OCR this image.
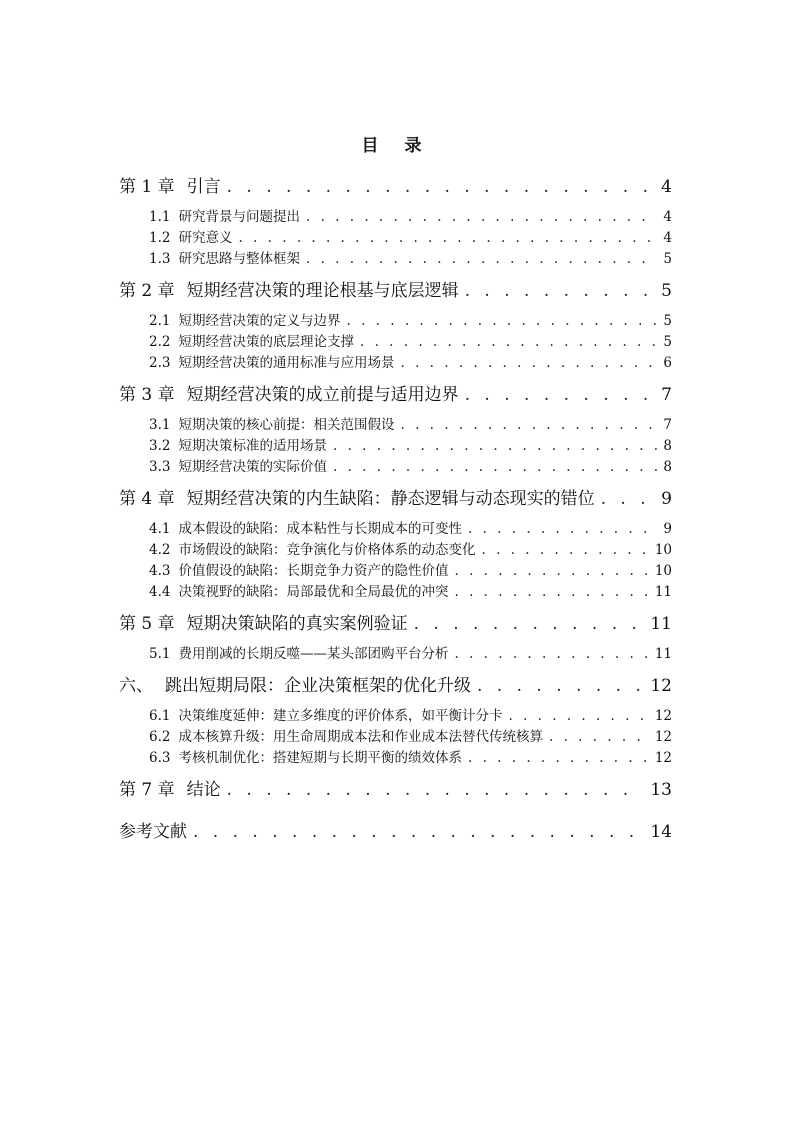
目 录
第 1 章 引言 . . .	4
1.1 研究背景与问题提出 . . .	4
1.2 研究意义 . . .	4
1.3 研究思路与整体框架 . . .	5
第 2 章 短期经营决策的理论根基与底层逻辑 . . .	5
2.1 短期经营决策的定义与边界 . . .	5
2.2 短期经营决策的底层理论支撑 . . .	5
2.3 短期经营决策的通用标准与应用场景 . . .	6
第 3 章 短期经营决策的成立前提与适用边界 . . .	7
3.1 短期决策的核心前提：相关范围假设 . . .	7
3.2 短期决策标准的适用场景 . . .	8
3.3 短期经营决策的实际价值 . . .	8
第 4 章 短期经营决策的内生缺陷：静态逻辑与动态现实的错位 . . .	9
4.1 成本假设的缺陷：成本粘性与长期成本的可变性 . . .	9
4.2 市场假设的缺陷：竞争演化与价格体系的动态变化 . . .	10
4.3 价值假设的缺陷：长期竞争力资产的隐性价值 . . .	10
4.4 决策视野的缺陷：局部最优和全局最优的冲突 . . .	11
第 5 章 短期决策缺陷的真实案例验证 . . .	11
5.1 费用削减的长期反噬——某头部团购平台分析 . . .	11
六、 跳出短期局限：企业决策框架的优化升级 . . .	12
6.1 决策维度延伸：建立多维度的评价体系，如平衡计分卡 . . .	12
6.2 成本核算升级：用生命周期成本法和作业成本法替代传统核算 . . .	12
6.3 考核机制优化：搭建短期与长期平衡的绩效体系 . . .	12
第 7 章 结论 . . .	13
参考文献 . . .	14
